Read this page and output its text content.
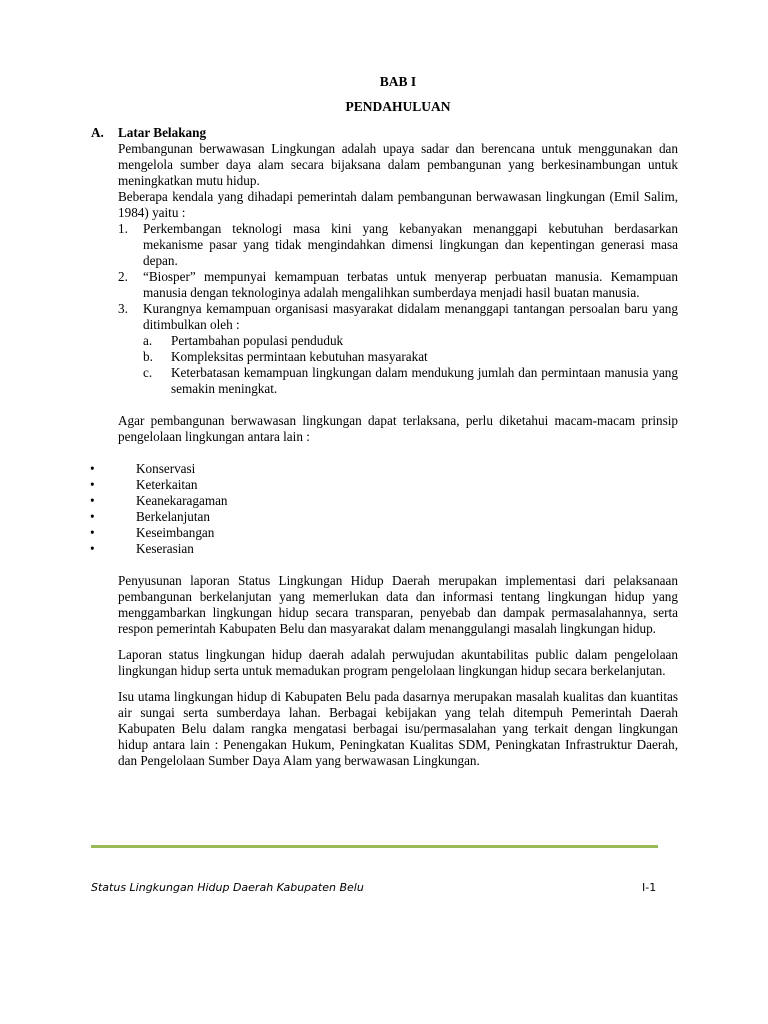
BAB I
PENDAHULUAN
A. Latar Belakang

Pembangunan berwawasan Lingkungan adalah upaya sadar dan berencana untuk menggunakan dan mengelola sumber daya alam secara bijaksana dalam pembangunan yang berkesinambungan untuk meningkatkan mutu hidup.

Beberapa kendala yang dihadapi pemerintah dalam pembangunan berwawasan lingkungan (Emil Salim, 1984) yaitu :

1. Perkembangan teknologi masa kini yang kebanyakan menanggapi kebutuhan berdasarkan mekanisme pasar yang tidak mengindahkan dimensi lingkungan dan kepentingan generasi masa depan.
2. “Biosper” mempunyai kemampuan terbatas untuk menyerap perbuatan manusia. Kemampuan manusia dengan teknologinya adalah mengalihkan sumberdaya menjadi hasil buatan manusia.
3. Kurangnya kemampuan organisasi masyarakat didalam menanggapi tantangan persoalan baru yang ditimbulkan oleh :
a. Pertambahan populasi penduduk
b. Kompleksitas permintaan kebutuhan masyarakat
c. Keterbatasan kemampuan lingkungan dalam mendukung jumlah dan permintaan manusia yang semakin meningkat.

Agar pembangunan berwawasan lingkungan dapat terlaksana, perlu diketahui macam-macam prinsip pengelolaan lingkungan antara lain :

•	Konservasi
•	Keterkaitan
•	Keanekaragaman
•	Berkelanjutan
•	Keseimbangan
•	Keserasian

Penyusunan laporan Status Lingkungan Hidup Daerah merupakan implementasi dari pelaksanaan pembangunan berkelanjutan yang memerlukan data dan informasi tentang lingkungan hidup yang menggambarkan lingkungan hidup secara transparan, penyebab dan dampak permasalahannya, serta respon pemerintah Kabupaten Belu dan masyarakat dalam menanggulangi masalah lingkungan hidup.

Laporan status lingkungan hidup daerah adalah perwujudan akuntabilitas public dalam pengelolaan lingkungan hidup serta untuk memadukan program pengelolaan lingkungan hidup secara berkelanjutan.

Isu utama lingkungan hidup di Kabupaten Belu pada dasarnya merupakan masalah kualitas dan kuantitas air sungai serta sumberdaya lahan. Berbagai kebijakan yang telah ditempuh Pemerintah Daerah Kabupaten Belu dalam rangka mengatasi berbagai isu/permasalahan yang terkait dengan lingkungan hidup antara lain : Penengakan Hukum, Peningkatan Kualitas SDM, Peningkatan Infrastruktur Daerah, dan Pengelolaan Sumber Daya Alam yang berwawasan Lingkungan.

Status Lingkungan Hidup Daerah Kabupaten Belu	I-1
